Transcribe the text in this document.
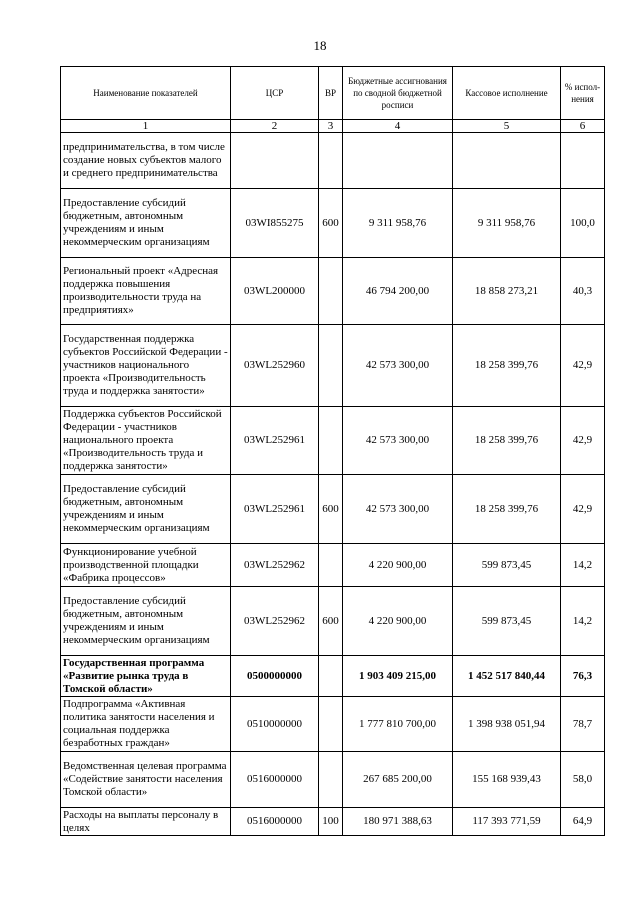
18
Наименование показателей	ЦСР	ВР	Бюджетные ассигнования по сводной бюджетной росписи	Кассовое исполнение	% испол-нения
1	2	3	4	5	6
предпринимательства, в том числе создание новых субъектов малого и среднего предпринимательства					
Предоставление субсидий бюджетным, автономным учреждениям и иным некоммерческим организациям	03WI855275	600	9 311 958,76	9 311 958,76	100,0
Региональный проект «Адресная поддержка повышения производительности труда на предприятиях»	03WL200000		46 794 200,00	18 858 273,21	40,3
Государственная поддержка субъектов Российской Федерации - участников национального проекта «Производительность труда и поддержка занятости»	03WL252960		42 573 300,00	18 258 399,76	42,9
Поддержка субъектов Российской Федерации - участников национального проекта «Производительность труда и поддержка занятости»	03WL252961		42 573 300,00	18 258 399,76	42,9
Предоставление субсидий бюджетным, автономным учреждениям и иным некоммерческим организациям	03WL252961	600	42 573 300,00	18 258 399,76	42,9
Функционирование учебной производственной площадки «Фабрика процессов»	03WL252962		4 220 900,00	599 873,45	14,2
Предоставление субсидий бюджетным, автономным учреждениям и иным некоммерческим организациям	03WL252962	600	4 220 900,00	599 873,45	14,2
Государственная программа «Развитие рынка труда в Томской области»	0500000000		1 903 409 215,00	1 452 517 840,44	76,3
Подпрограмма «Активная политика занятости населения и социальная поддержка безработных граждан»	0510000000		1 777 810 700,00	1 398 938 051,94	78,7
Ведомственная целевая программа «Содействие занятости населения Томской области»	0516000000		267 685 200,00	155 168 939,43	58,0
Расходы на выплаты персоналу в целях	0516000000	100	180 971 388,63	117 393 771,59	64,9
